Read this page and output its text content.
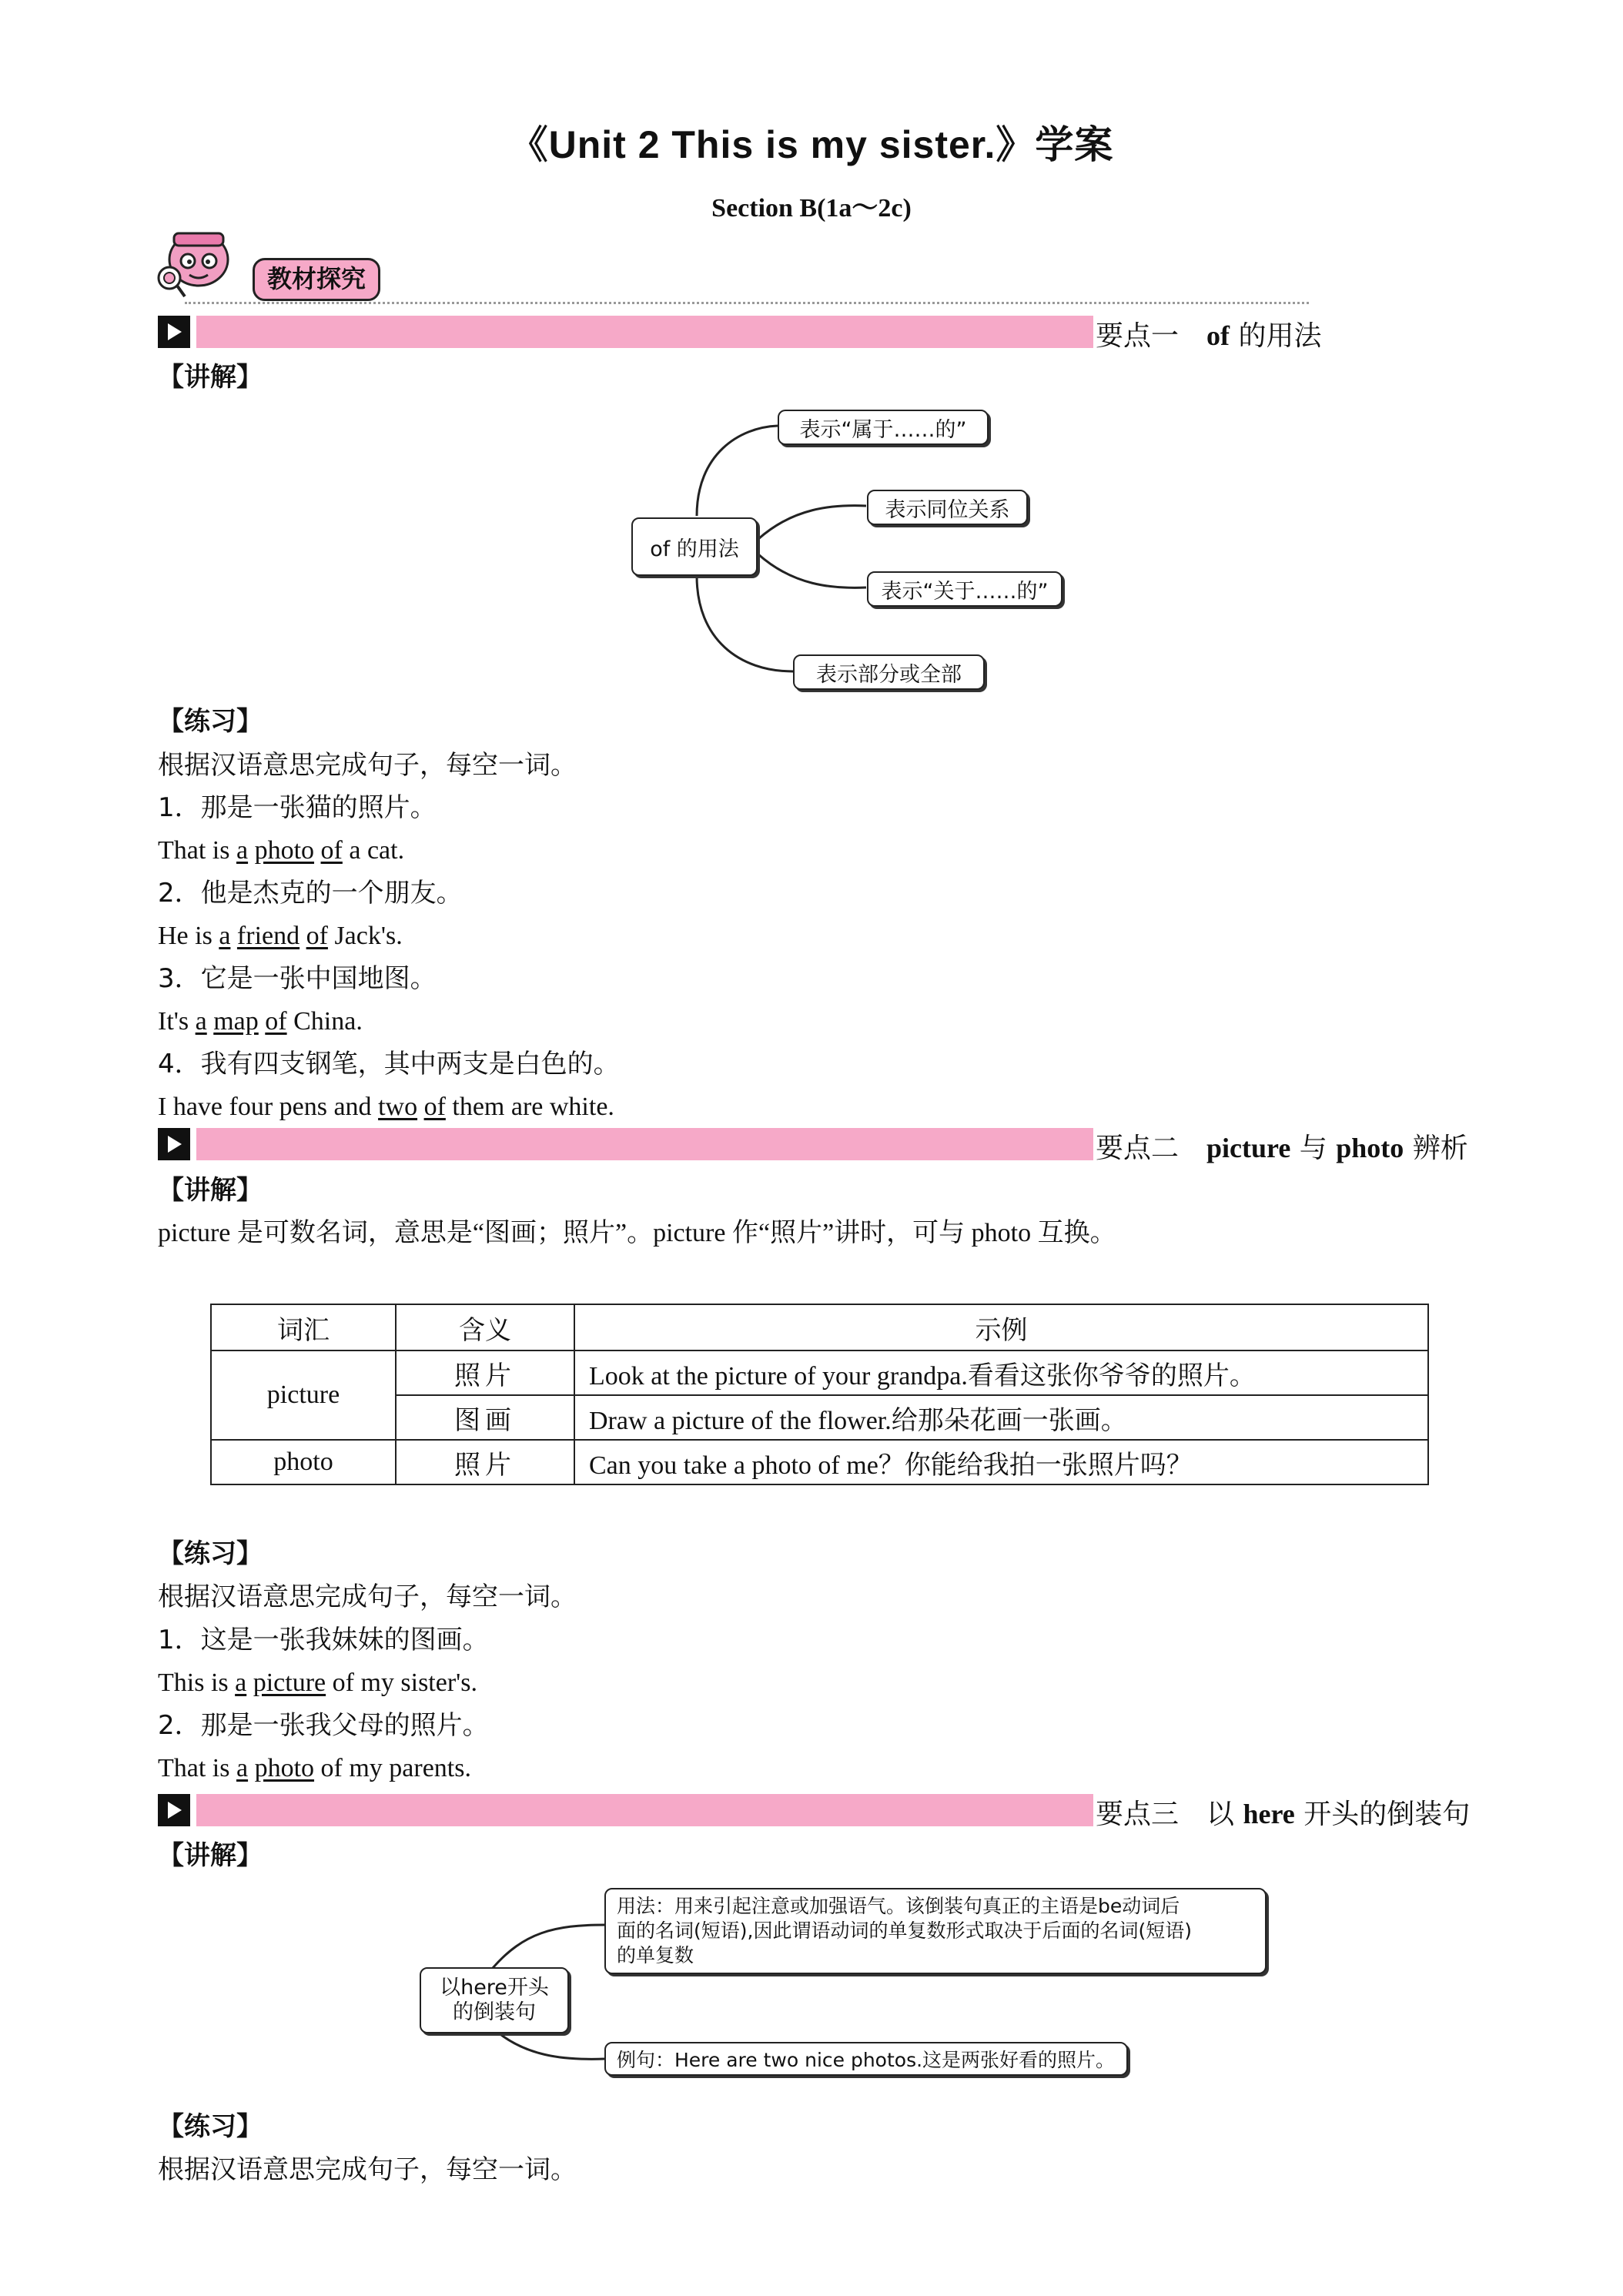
《Unit 2 This is my sister.》学案
Section B(1a～2c)
教材探究
要点一　of 的用法
【讲解】
of 的用法
表示“属于……的”
表示同位关系
表示“关于……的”
表示部分或全部
【练习】
根据汉语意思完成句子，每空一词。
1．那是一张猫的照片。
That is a photo of a cat.
2．他是杰克的一个朋友。
He is a friend of Jack's.
3．它是一张中国地图。
It's a map of China.
4．我有四支钢笔，其中两支是白色的。
I have four pens and two of them are white.
要点二　picture 与 photo 辨析
【讲解】
picture 是可数名词，意思是“图画；照片”。picture 作“照片”讲时，可与 photo 互换。
词汇	含义	示例
picture	照片	Look at the picture of your grandpa.看看这张你爷爷的照片。
	图画	Draw a picture of the flower.给那朵花画一张画。
photo	照片	Can you take a photo of me？你能给我拍一张照片吗？
【练习】
根据汉语意思完成句子，每空一词。
1．这是一张我妹妹的图画。
This is a picture of my sister's.
2．那是一张我父母的照片。
That is a photo of my parents.
要点三　以 here 开头的倒装句
【讲解】
以here开头
的倒装句
用法：用来引起注意或加强语气。该倒装句真正的主语是be动词后
面的名词(短语),因此谓语动词的单复数形式取决于后面的名词(短语)
的单复数
例句：Here are two nice photos.这是两张好看的照片。
【练习】
根据汉语意思完成句子，每空一词。
